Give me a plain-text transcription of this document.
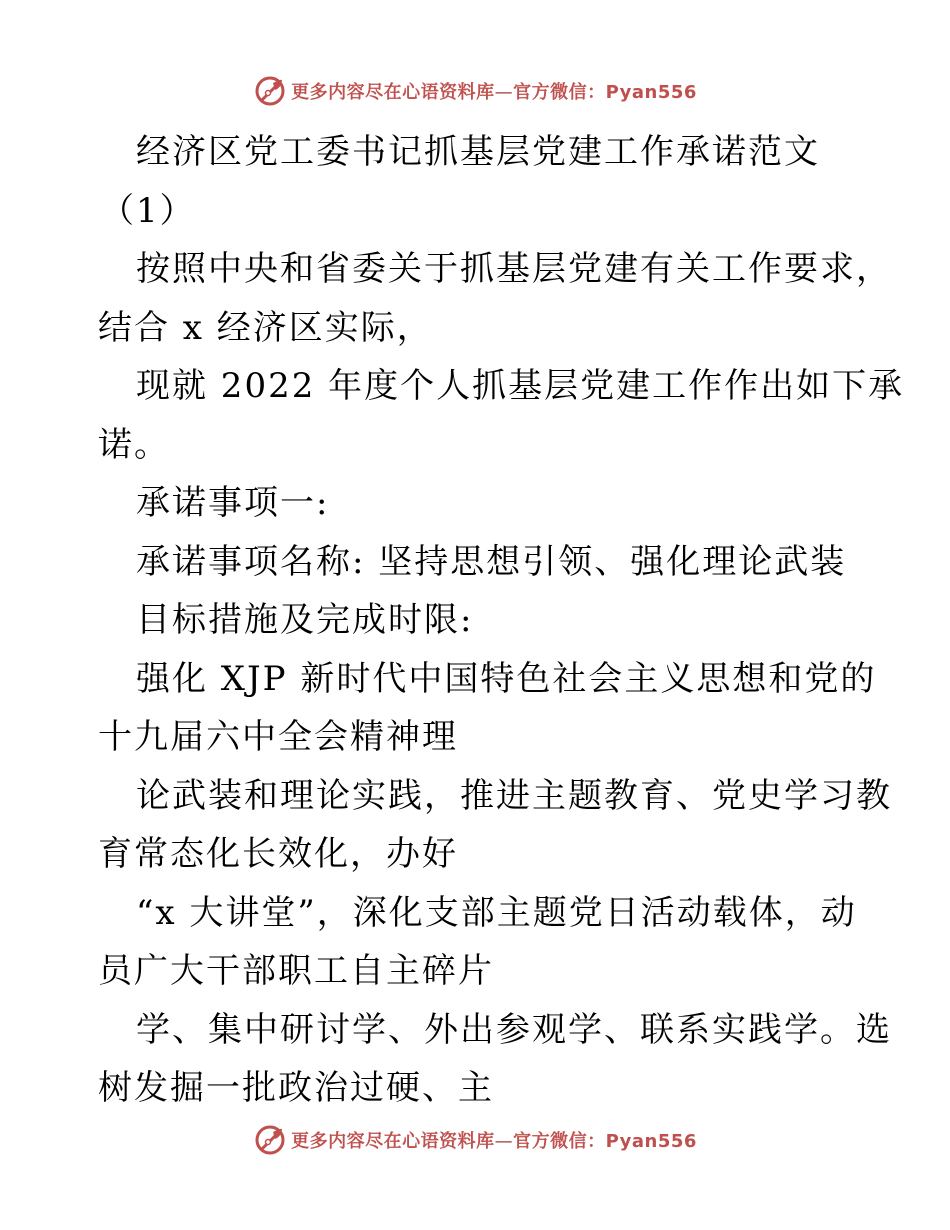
更多内容尽在心语资料库—官方微信：Pyan556
经济区党工委书记抓基层党建工作承诺范文
（1）
按照中央和省委关于抓基层党建有关工作要求，
结合 x 经济区实际，
现就 2022 年度个人抓基层党建工作作出如下承
诺。
承诺事项一:
承诺事项名称: 坚持思想引领、强化理论武装
目标措施及完成时限:
强化 XJP 新时代中国特色社会主义思想和党的
十九届六中全会精神理
论武装和理论实践，推进主题教育、党史学习教
育常态化长效化，办好
“x 大讲堂”，深化支部主题党日活动载体，动
员广大干部职工自主碎片
学、集中研讨学、外出参观学、联系实践学。选
树发掘一批政治过硬、主
更多内容尽在心语资料库—官方微信：Pyan556
